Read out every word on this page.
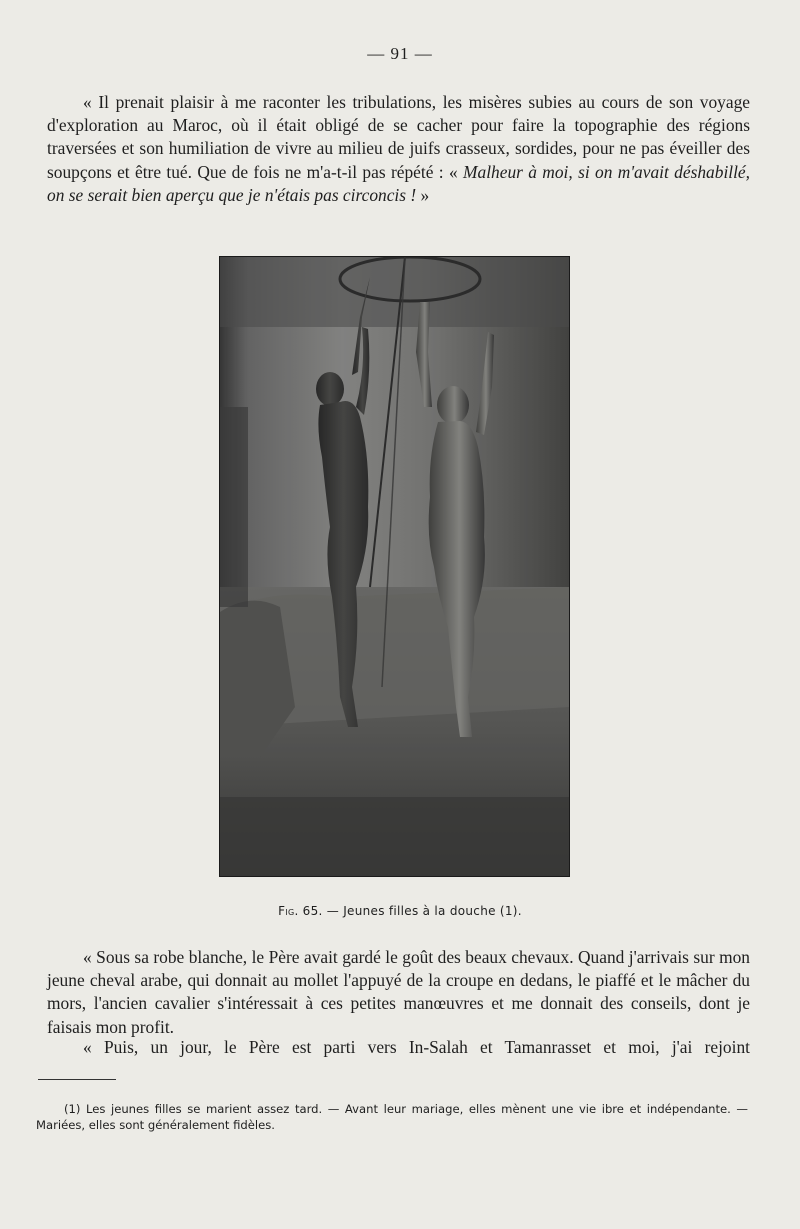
— 91 —

« Il prenait plaisir à me raconter les tribulations, les misères subies au cours de son voyage d'exploration au Maroc, où il était obligé de se cacher pour faire la topographie des régions traversées et son humiliation de vivre au milieu de juifs crasseux, sordides, pour ne pas éveiller des soupçons et être tué. Que de fois ne m'a-t-il pas répété : « Malheur à moi, si on m'avait déshabillé, on se serait bien aperçu que je n'étais pas circoncis ! »

Fig. 65. — Jeunes filles à la douche (1).

« Sous sa robe blanche, le Père avait gardé le goût des beaux chevaux. Quand j'arrivais sur mon jeune cheval arabe, qui donnait au mollet l'appuyé de la croupe en dedans, le piaffé et le mâcher du mors, l'ancien cavalier s'intéressait à ces petites manœuvres et me donnait des conseils, dont je faisais mon profit.

« Puis, un jour, le Père est parti vers In-Salah et Tamanrasset et moi, j'ai rejoint

(1) Les jeunes filles se marient assez tard. — Avant leur mariage, elles mènent une vie ibre et indépendante. — Mariées, elles sont généralement fidèles.
